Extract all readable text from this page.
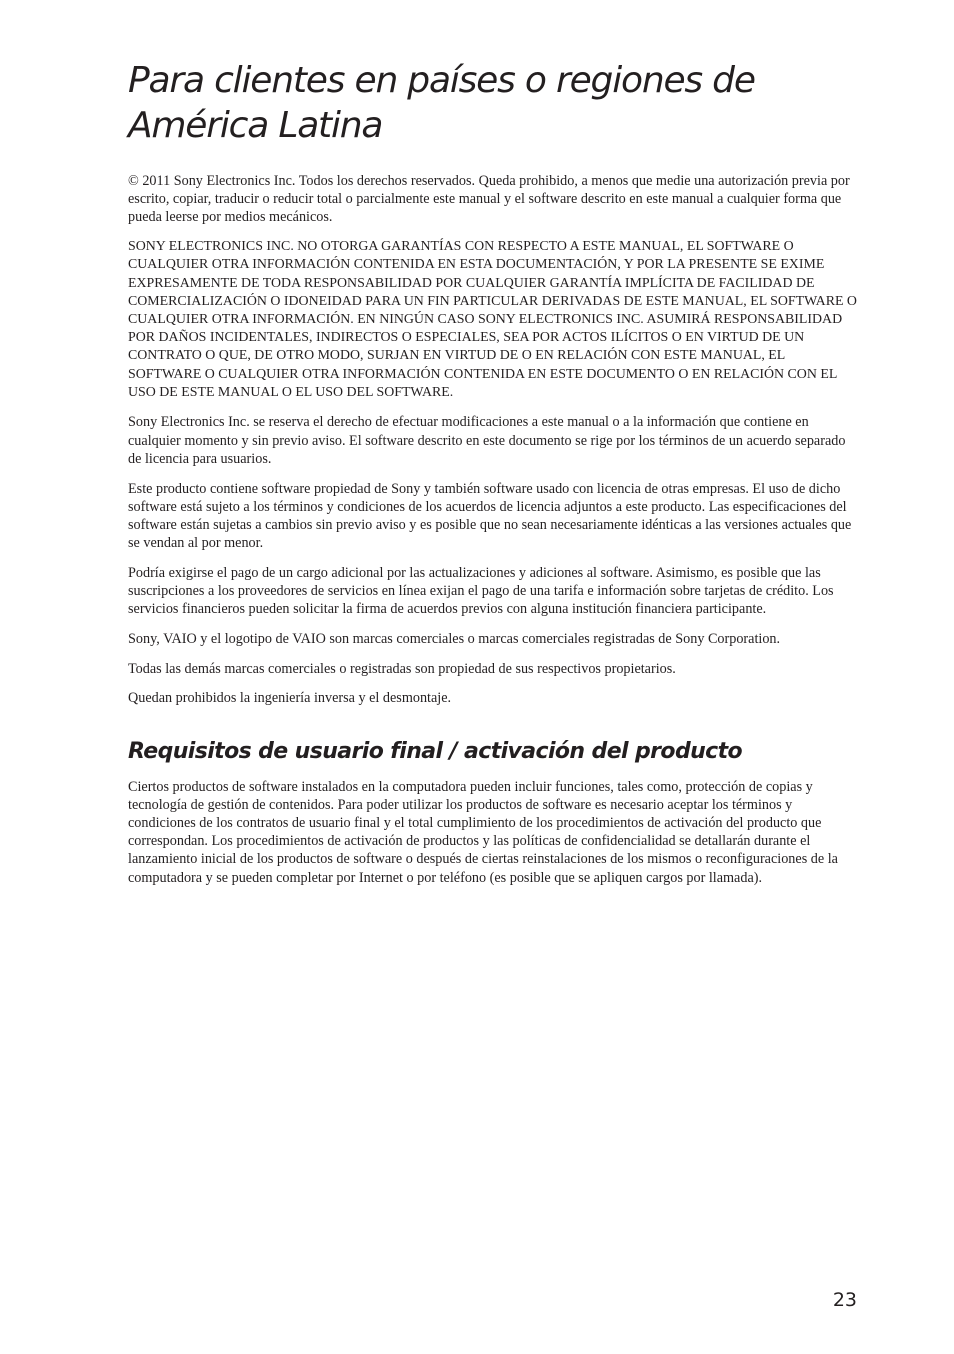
Para clientes en países o regiones de América Latina

© 2011 Sony Electronics Inc. Todos los derechos reservados. Queda prohibido, a menos que medie una autorización previa por escrito, copiar, traducir o reducir total o parcialmente este manual y el software descrito en este manual a cualquier forma que pueda leerse por medios mecánicos.

SONY ELECTRONICS INC. NO OTORGA GARANTÍAS CON RESPECTO A ESTE MANUAL, EL SOFTWARE O CUALQUIER OTRA INFORMACIÓN CONTENIDA EN ESTA DOCUMENTACIÓN, Y POR LA PRESENTE SE EXIME EXPRESAMENTE DE TODA RESPONSABILIDAD POR CUALQUIER GARANTÍA IMPLÍCITA DE FACILIDAD DE COMERCIALIZACIÓN O IDONEIDAD PARA UN FIN PARTICULAR DERIVADAS DE ESTE MANUAL, EL SOFTWARE O CUALQUIER OTRA INFORMACIÓN. EN NINGÚN CASO SONY ELECTRONICS INC. ASUMIRÁ RESPONSABILIDAD POR DAÑOS INCIDENTALES, INDIRECTOS O ESPECIALES, SEA POR ACTOS ILÍCITOS O EN VIRTUD DE UN CONTRATO O QUE, DE OTRO MODO, SURJAN EN VIRTUD DE O EN RELACIÓN CON ESTE MANUAL, EL SOFTWARE O CUALQUIER OTRA INFORMACIÓN CONTENIDA EN ESTE DOCUMENTO O EN RELACIÓN CON EL USO DE ESTE MANUAL O EL USO DEL SOFTWARE.

Sony Electronics Inc. se reserva el derecho de efectuar modificaciones a este manual o a la información que contiene en cualquier momento y sin previo aviso. El software descrito en este documento se rige por los términos de un acuerdo separado de licencia para usuarios.

Este producto contiene software propiedad de Sony y también software usado con licencia de otras empresas. El uso de dicho software está sujeto a los términos y condiciones de los acuerdos de licencia adjuntos a este producto. Las especificaciones del software están sujetas a cambios sin previo aviso y es posible que no sean necesariamente idénticas a las versiones actuales que se vendan al por menor.

Podría exigirse el pago de un cargo adicional por las actualizaciones y adiciones al software. Asimismo, es posible que las suscripciones a los proveedores de servicios en línea exijan el pago de una tarifa e información sobre tarjetas de crédito. Los servicios financieros pueden solicitar la firma de acuerdos previos con alguna institución financiera participante.

Sony, VAIO y el logotipo de VAIO son marcas comerciales o marcas comerciales registradas de Sony Corporation.

Todas las demás marcas comerciales o registradas son propiedad de sus respectivos propietarios.

Quedan prohibidos la ingeniería inversa y el desmontaje.

Requisitos de usuario final / activación del producto

Ciertos productos de software instalados en la computadora pueden incluir funciones, tales como, protección de copias y tecnología de gestión de contenidos. Para poder utilizar los productos de software es necesario aceptar los términos y condiciones de los contratos de usuario final y el total cumplimiento de los procedimientos de activación del producto que correspondan. Los procedimientos de activación de productos y las políticas de confidencialidad se detallarán durante el lanzamiento inicial de los productos de software o después de ciertas reinstalaciones de los mismos o reconfiguraciones de la computadora y se pueden completar por Internet o por teléfono (es posible que se apliquen cargos por llamada).

23
